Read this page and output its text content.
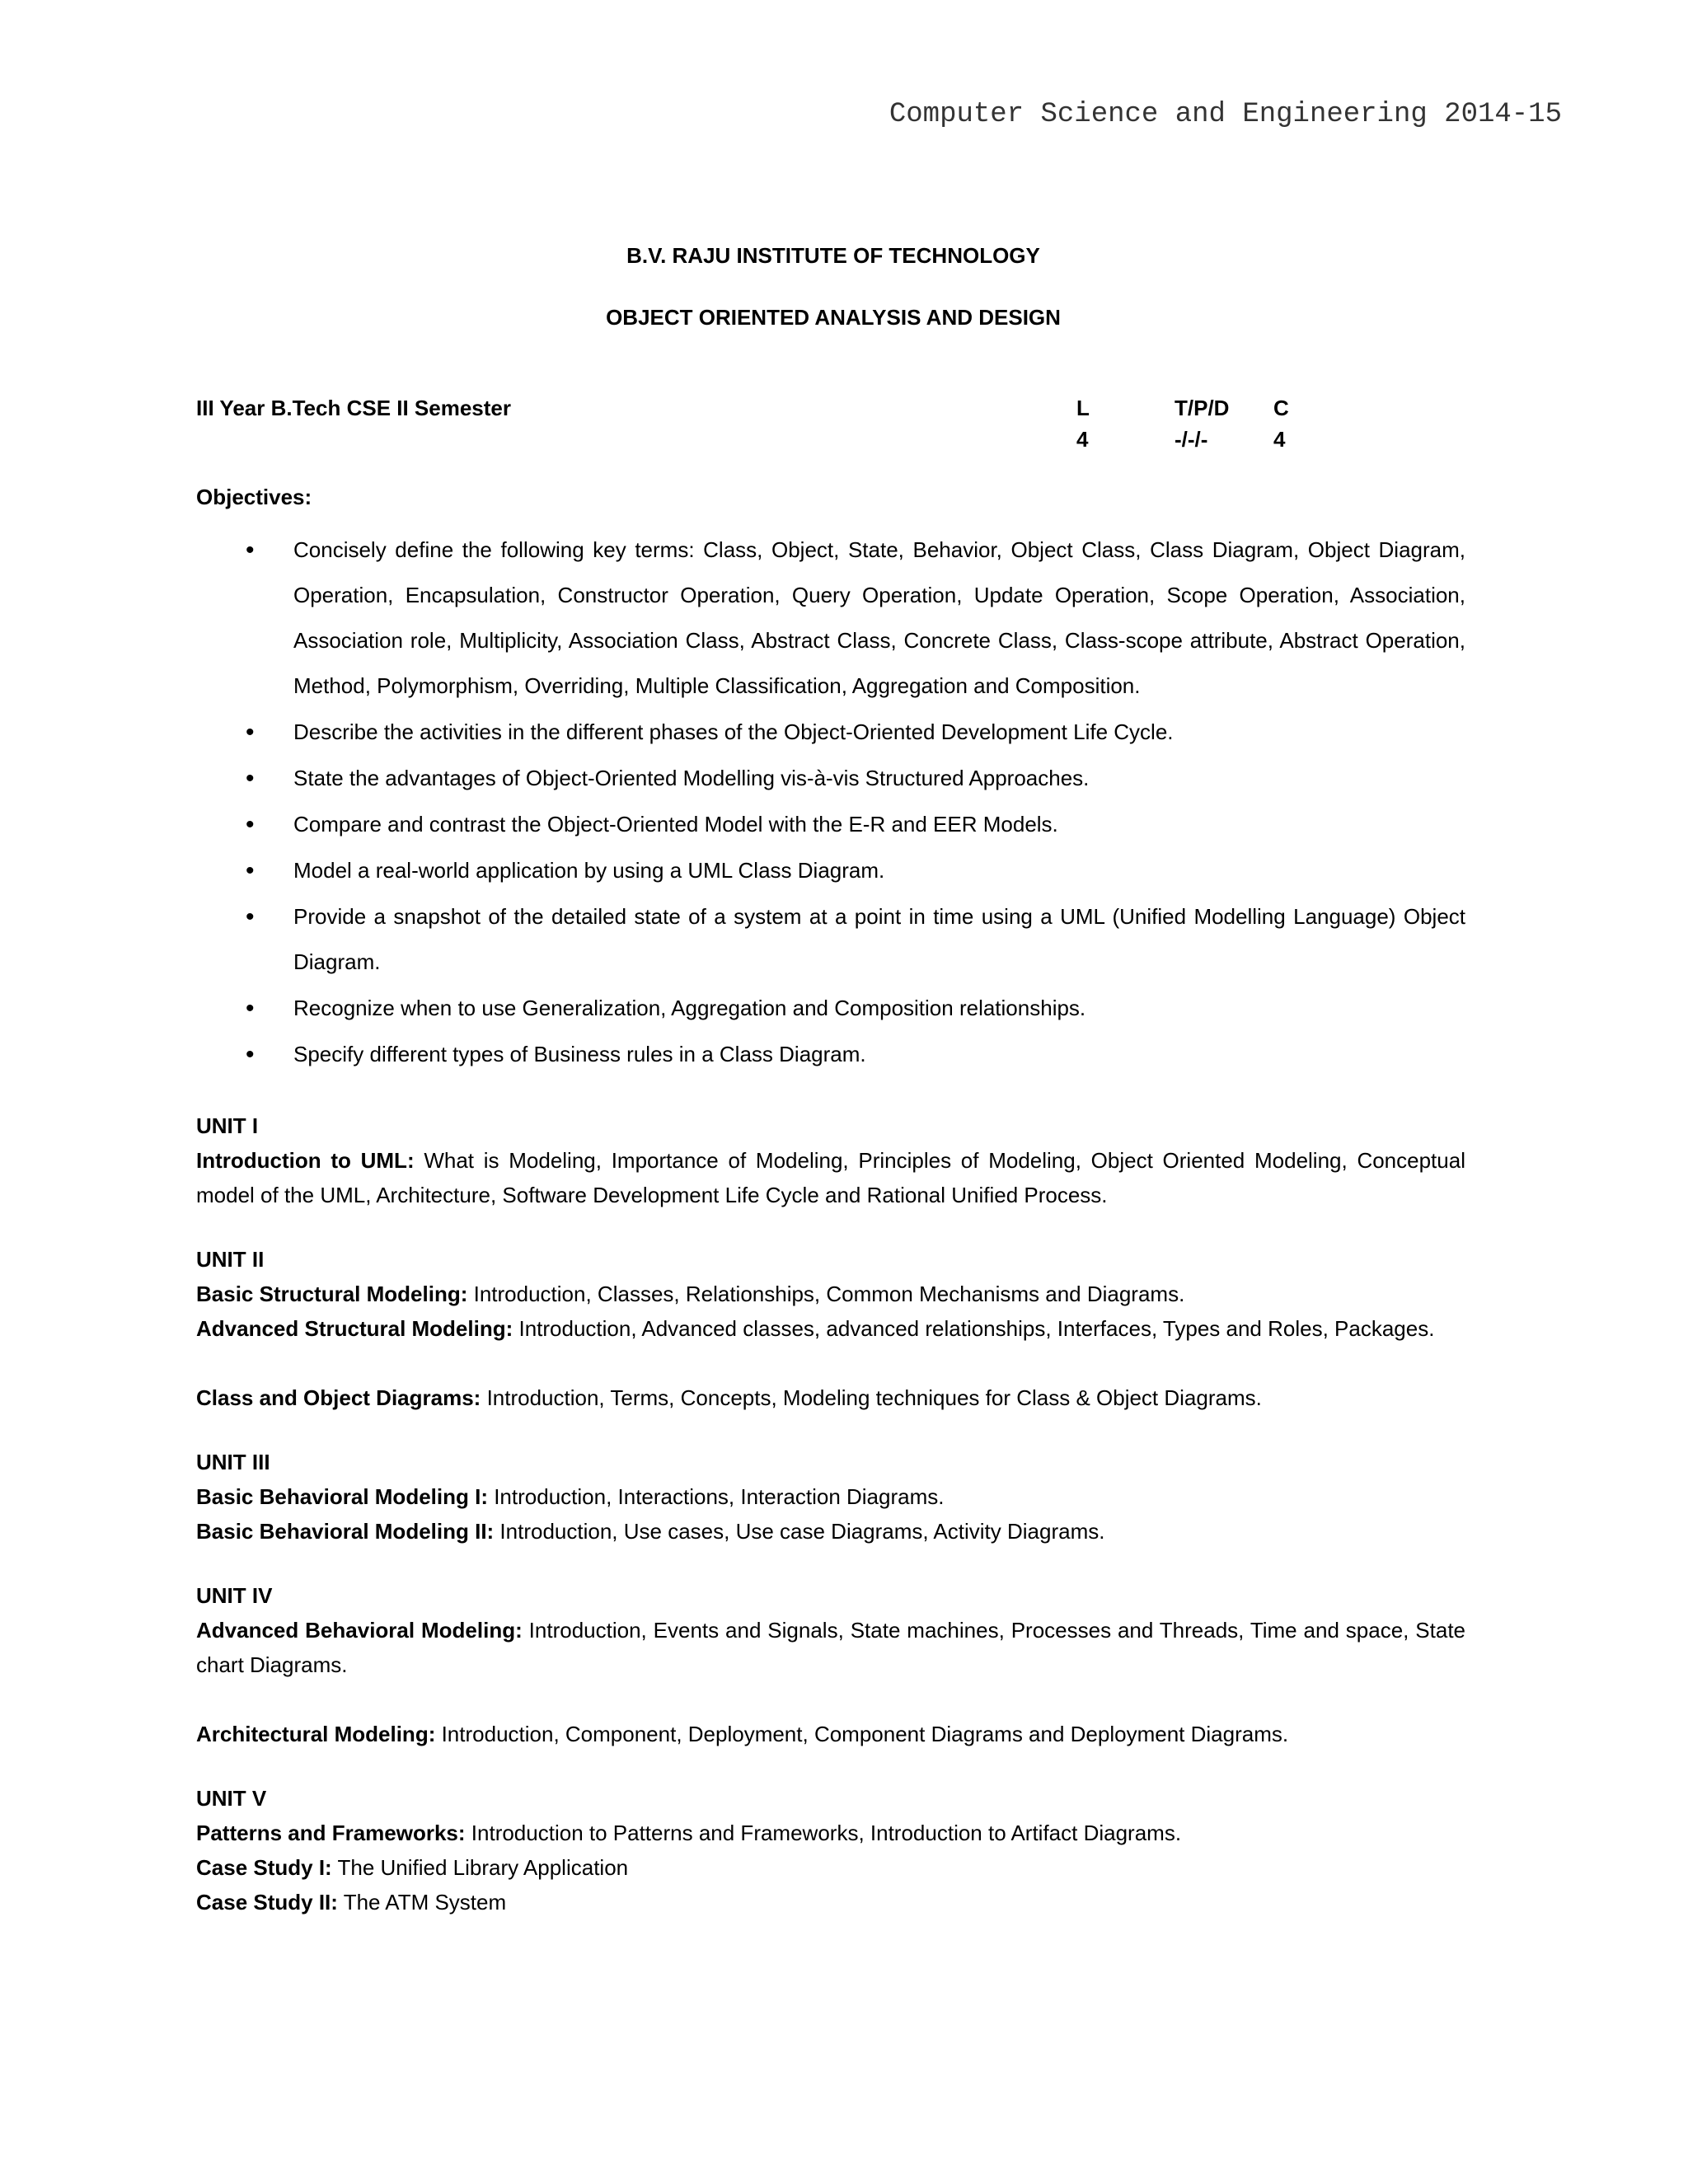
Computer Science and Engineering 2014-15
B.V. RAJU INSTITUTE OF TECHNOLOGY
OBJECT ORIENTED ANALYSIS AND DESIGN
III Year B.Tech CSE II Semester	L	T/P/D C
4	-/-/-	4
Objectives:
• Concisely define the following key terms: Class, Object, State, Behavior, Object Class, Class Diagram, Object Diagram, Operation, Encapsulation, Constructor Operation, Query Operation, Update Operation, Scope Operation, Association, Association role, Multiplicity, Association Class, Abstract Class, Concrete Class, Class-scope attribute, Abstract Operation, Method, Polymorphism, Overriding, Multiple Classification, Aggregation and Composition.
• Describe the activities in the different phases of the Object-Oriented Development Life Cycle.
• State the advantages of Object-Oriented Modelling vis-à-vis Structured Approaches.
• Compare and contrast the Object-Oriented Model with the E-R and EER Models.
• Model a real-world application by using a UML Class Diagram.
• Provide a snapshot of the detailed state of a system at a point in time using a UML (Unified Modelling Language) Object Diagram.
• Recognize when to use Generalization, Aggregation and Composition relationships.
• Specify different types of Business rules in a Class Diagram.
UNIT I
Introduction to UML: What is Modeling, Importance of Modeling, Principles of Modeling, Object Oriented Modeling, Conceptual model of the UML, Architecture, Software Development Life Cycle and Rational Unified Process.
UNIT II
Basic Structural Modeling: Introduction, Classes, Relationships, Common Mechanisms and Diagrams.
Advanced Structural Modeling: Introduction, Advanced classes, advanced relationships, Interfaces, Types and Roles, Packages.
Class and Object Diagrams: Introduction, Terms, Concepts, Modeling techniques for Class & Object Diagrams.
UNIT III
Basic Behavioral Modeling I: Introduction, Interactions, Interaction Diagrams.
Basic Behavioral Modeling II: Introduction, Use cases, Use case Diagrams, Activity Diagrams.
UNIT IV
Advanced Behavioral Modeling: Introduction, Events and Signals, State machines, Processes and Threads, Time and space, State chart Diagrams.
Architectural Modeling: Introduction, Component, Deployment, Component Diagrams and Deployment Diagrams.
UNIT V
Patterns and Frameworks: Introduction to Patterns and Frameworks, Introduction to Artifact Diagrams.
Case Study I: The Unified Library Application
Case Study II: The ATM System
